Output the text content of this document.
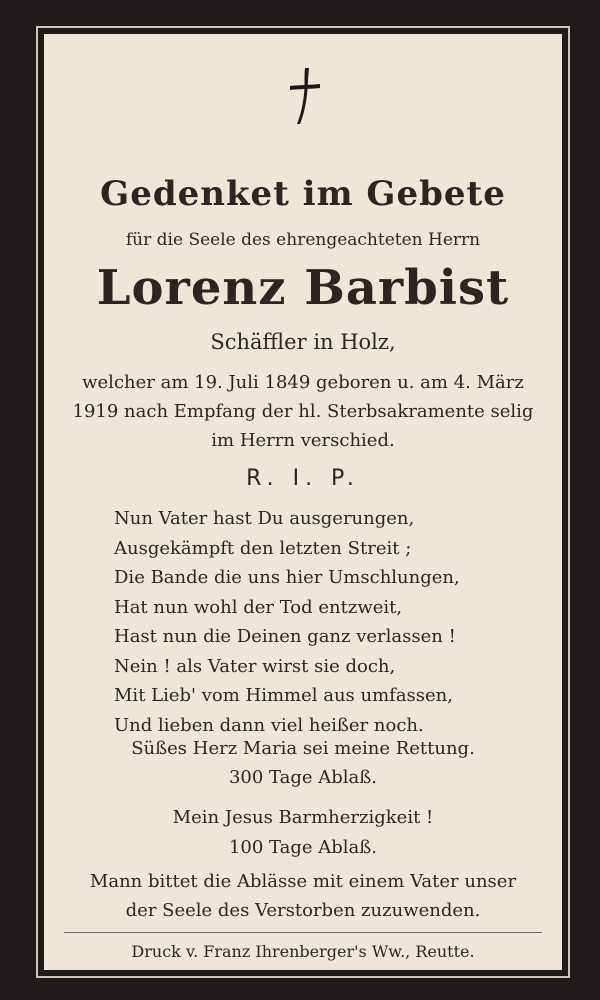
Gedenket im Gebete
für die Seele des ehrengeachteten Herrn
Lorenz Barbist
Schäffler in Holz,
welcher am 19. Juli 1849 geboren u. am 4. März
1919 nach Empfang der hl. Sterbsakramente selig
im Herrn verschied.
R. I. P.
Nun Vater hast Du ausgerungen,
Ausgekämpft den letzten Streit ;
Die Bande die uns hier Umschlungen,
Hat nun wohl der Tod entzweit,
Hast nun die Deinen ganz verlassen !
Nein ! als Vater wirst sie doch,
Mit Lieb' vom Himmel aus umfassen,
Und lieben dann viel heißer noch.
Süßes Herz Maria sei meine Rettung.
300 Tage Ablaß.
Mein Jesus Barmherzigkeit !
100 Tage Ablaß.
Mann bittet die Ablässe mit einem Vater unser
der Seele des Verstorben zuzuwenden.
Druck v. Franz Ihrenberger's Ww., Reutte.
